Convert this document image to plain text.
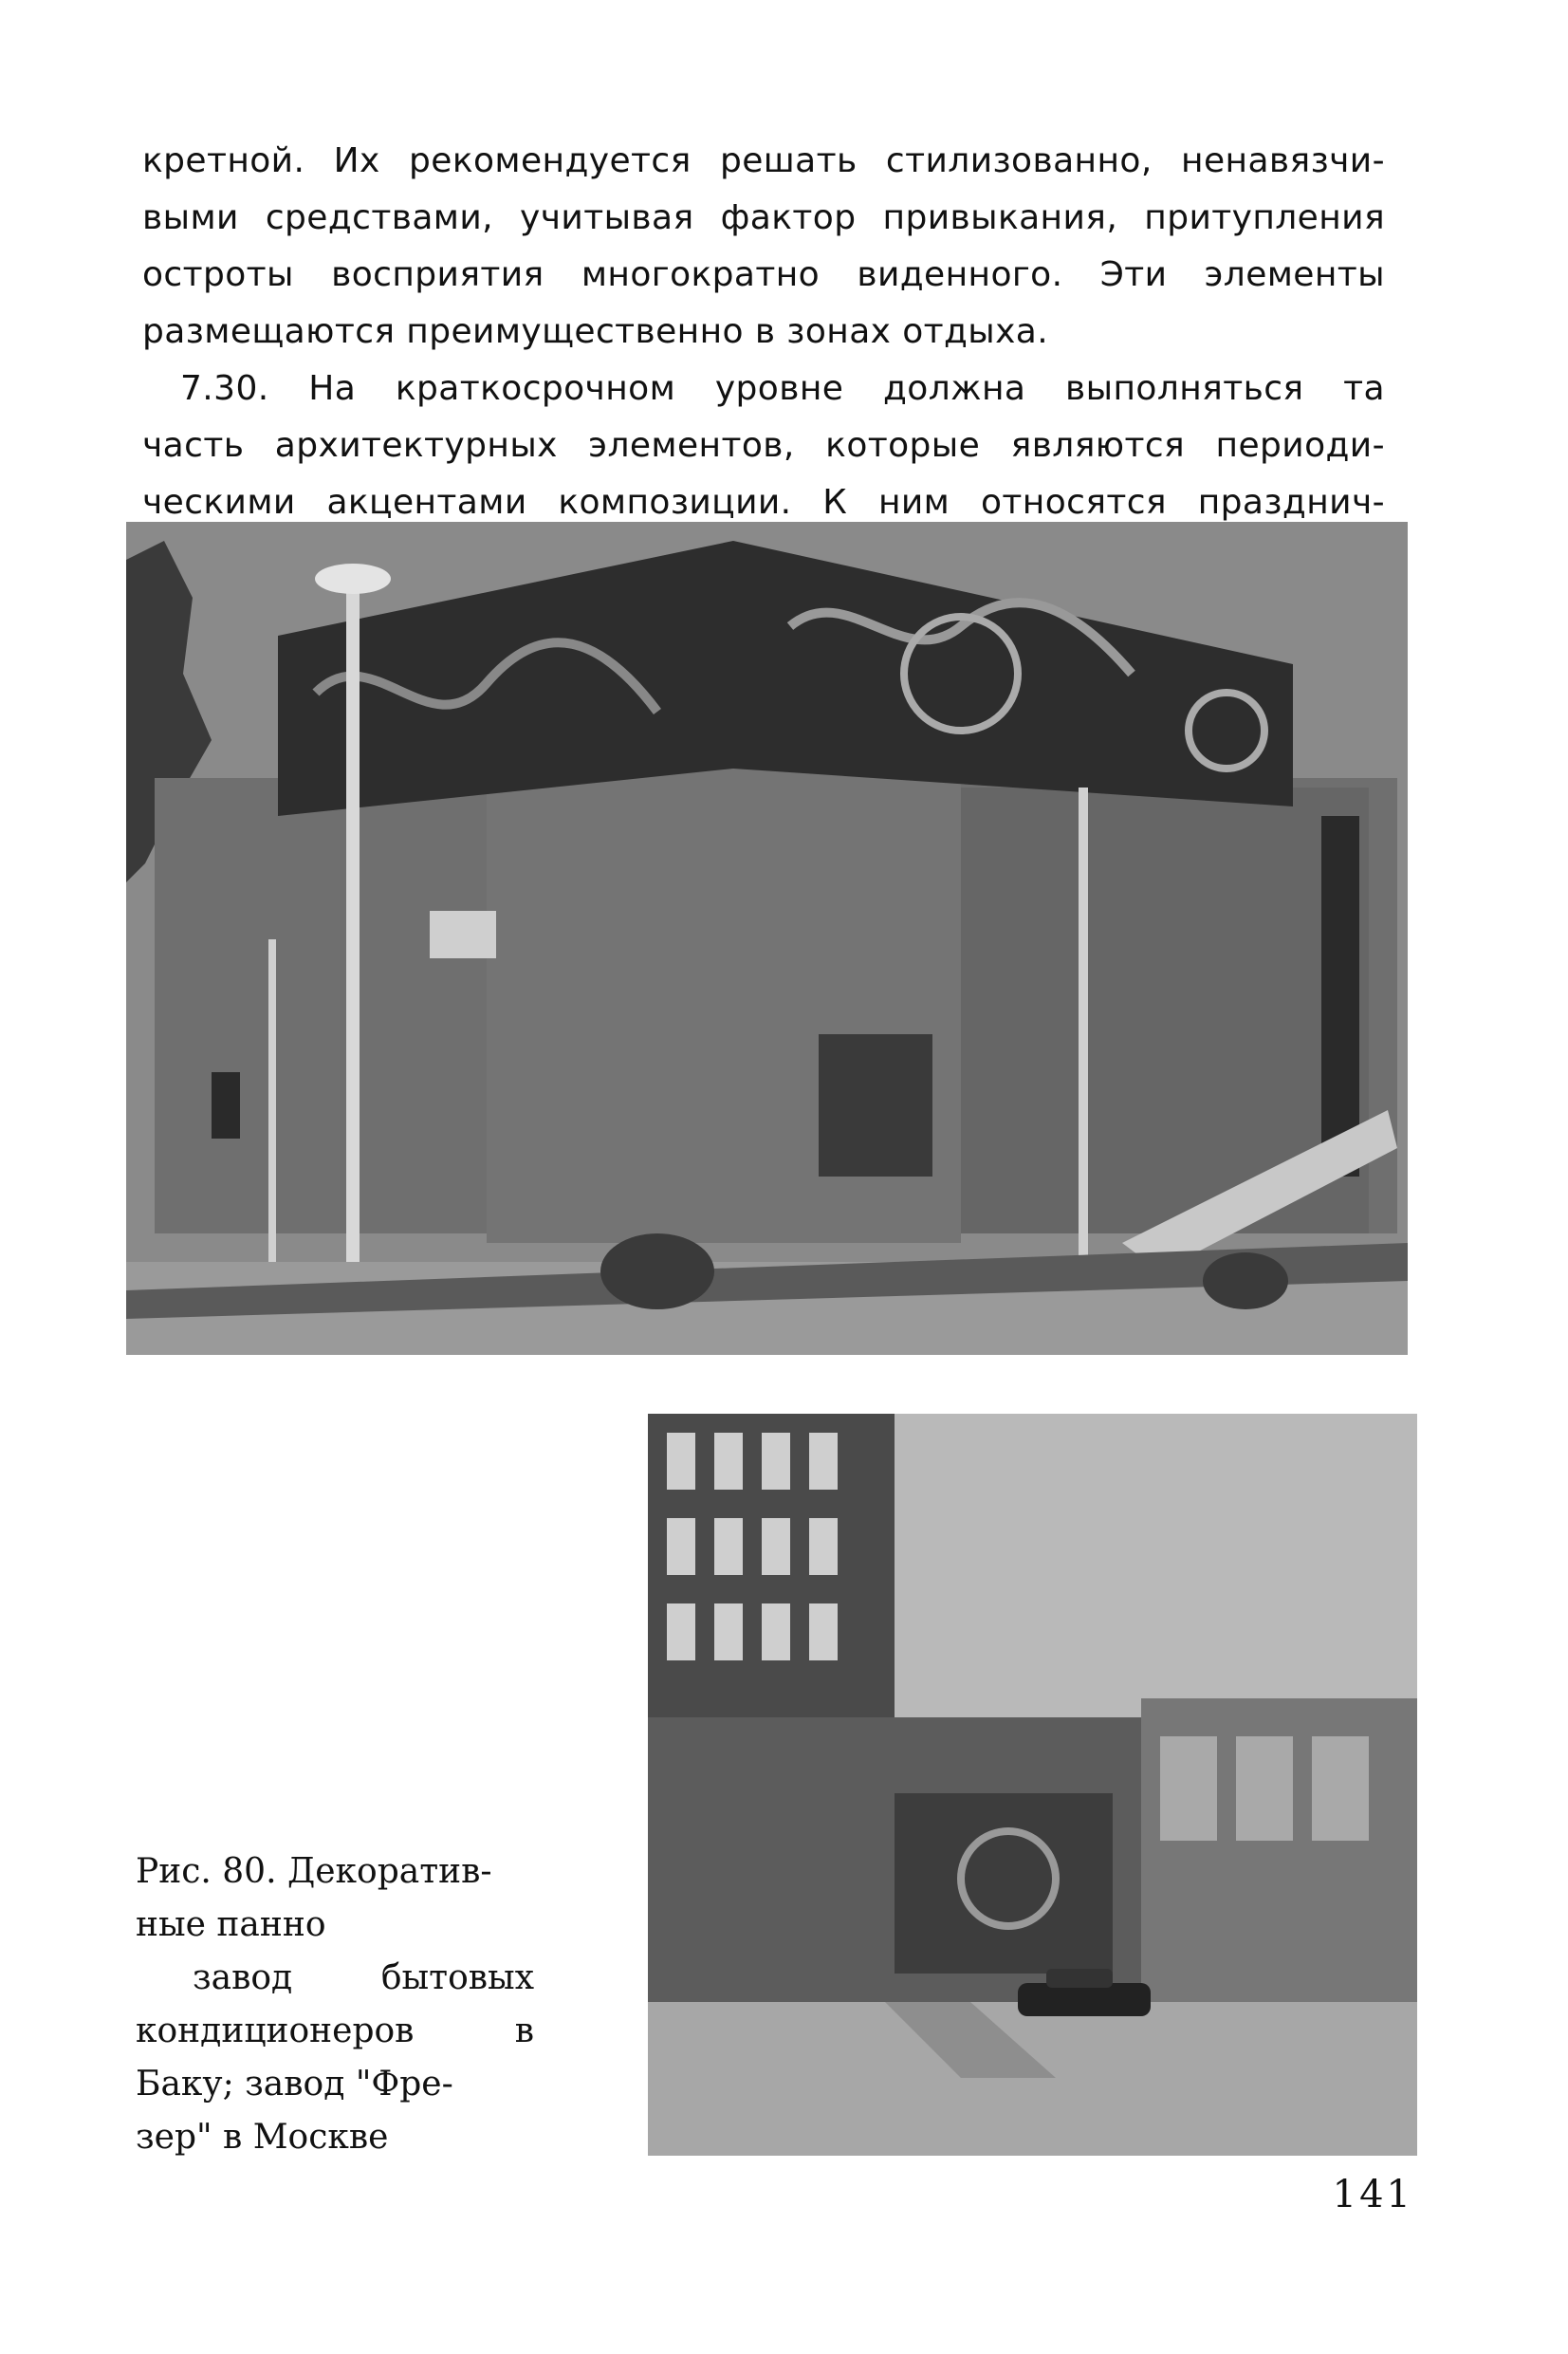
кретной. Их рекомендуется решать стилизованно, ненавязчи-
выми средствами, учитывая фактор привыкания, притупления
остроты восприятия многократно виденного. Эти элементы
размещаются преимущественно в зонах отдыха.
7.30. На краткосрочном уровне должна выполняться та
часть архитектурных элементов, которые являются периоди-
ческими акцентами композиции. К ним относятся празднич-
Рис. 80. Декоратив-
ные панно
завод бытовых
кондиционеров в
Баку; завод "Фре-
зер" в Москве
141
